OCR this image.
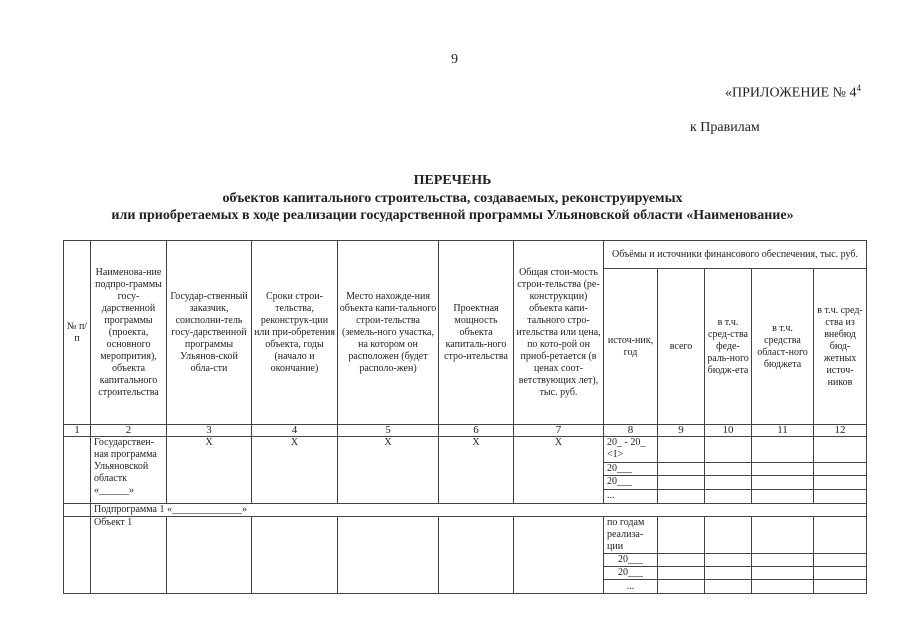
9
«ПРИЛОЖЕНИЕ № $4^4$
к Правилам
ПЕРЕЧЕНЬ
объектов капитального строительства, создаваемых, реконструируемых
или приобретаемых в ходе реализации государственной программы Ульяновской области «Наименование»
№ п/п	Наименова-ние подпро-граммы госу-дарственной программы (проекта, основного меропрития), объекта капитального строительства	Государ-ственный заказчик, соисполни-тель госу-дарственной программы Ульянов-ской обла-сти	Сроки строи-тельства, реконструк-ции или при-обретения объекта, годы (начало и окончание)	Место нахожде-ния объекта капи-тального строи-тельства (земель-ного участка, на котором он расположен (будет располо-жен)	Проектная мощность объекта капиталь-ного стро-ительства	Общая стои-мость строи-тельства (ре-конструкции) объекта капи-тального стро-ительства или цена, по кото-рой он приоб-ретается (в ценах соот-ветствующих лет), тыс. руб.	Объёмы и источники финансового обеспечения, тыс. руб.				
							источ-ник, год	всего	в т.ч. сред-ства феде-раль-ного бюдж-ета	в т.ч. средства област-ного бюджета	в т.ч. сред-ства из внебюд бюд-жетных источ-ников
1	2	3	4	5	6	7	8	9	10	11	12
	Государствен-ная программа Ульяновской областк «______»	Х	Х	Х	Х	Х	20_ - 20_ <1>				
							20___				
							20___				
							...				
	Подпрограмма 1 «______________»										
	Объект 1						по годам реализа-ции				
							20___				
							20___				
							...				
